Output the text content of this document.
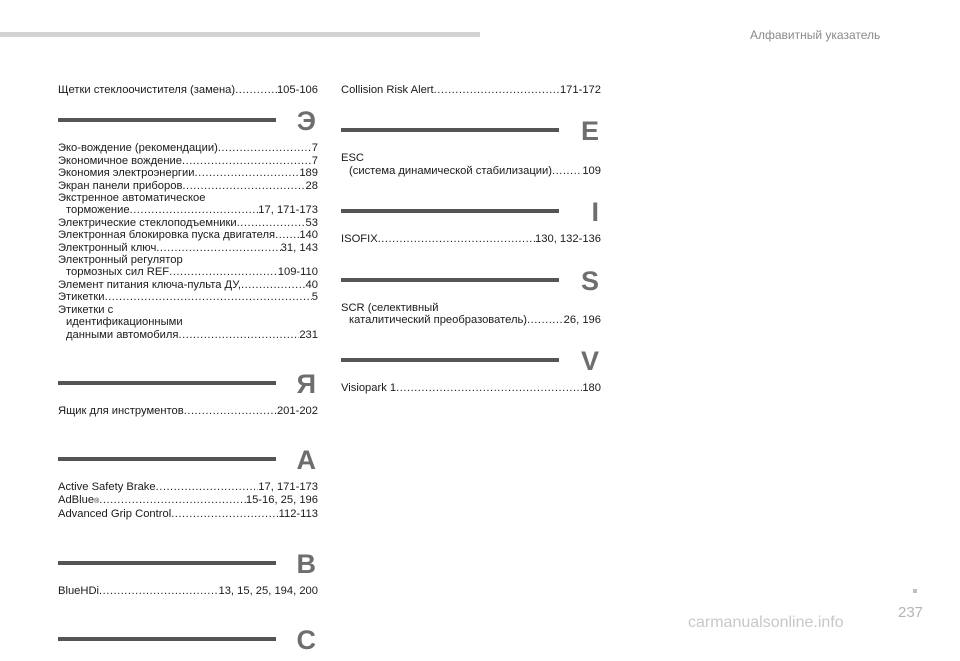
Алфавитный указатель
Щетки стеклоочистителя (замена) .....	105-106
Э
Эко-вождение (рекомендации) .....	7
Экономичное вождение .....	7
Экономия электроэнергии .....	189
Экран панели приборов .....	28
Экстренное автоматическое
торможение .....	17, 171-173
Электрические стеклоподъемники .....	53
Электронная блокировка пуска двигателя ..... 140
Электронный ключ .....	31, 143
Электронный регулятор
тормозных сил REF .....	109-110
Элемент питания ключа-пульта ДУ, .....	40
Этикетки .....	5
Этикетки с
идентификационными
данными автомобиля .....	231
Я
Ящик для инструментов .....	201-202
A
Active Safety Brake .....	17, 171-173
AdBlue ® .....	15-16, 25, 196
Advanced Grip Control .....	112-113
B
BlueHDi .....	13, 15, 25, 194, 200
C
Collision Risk Alert .....	171-172
E
ESC
(система динамической стабилизации) .....	109
I
ISOFIX .....	130, 132-136
S
SCR (селективный
каталитический преобразователь) .....	26, 196
V
Visiopark 1 .....	180
237
carmanualsonline.info
